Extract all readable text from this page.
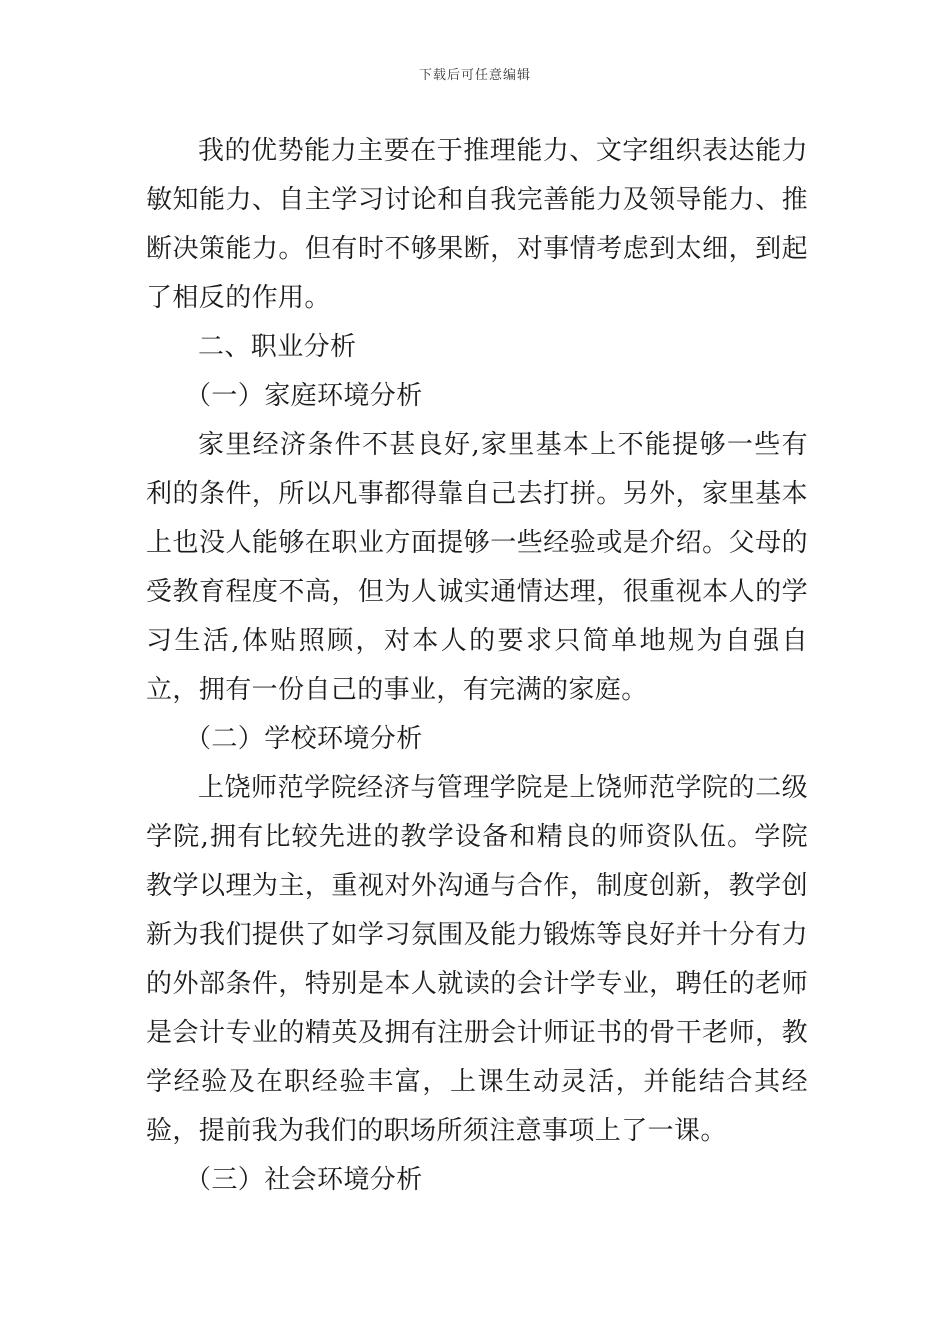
下载后可任意编辑

我的优势能力主要在于推理能力、文字组织表达能力敏知能力、自主学习讨论和自我完善能力及领导能力、推断决策能力。但有时不够果断，对事情考虑到太细，到起了相反的作用。

二、职业分析

（一）家庭环境分析

家里经济条件不甚良好,家里基本上不能提够一些有利的条件，所以凡事都得靠自己去打拼。另外，家里基本上也没人能够在职业方面提够一些经验或是介绍。父母的受教育程度不高，但为人诚实通情达理，很重视本人的学习生活,体贴照顾，对本人的要求只简单地规为自强自立，拥有一份自己的事业，有完满的家庭。

（二）学校环境分析

上饶师范学院经济与管理学院是上饶师范学院的二级学院,拥有比较先进的教学设备和精良的师资队伍。学院教学以理为主，重视对外沟通与合作，制度创新，教学创新为我们提供了如学习氛围及能力锻炼等良好并十分有力的外部条件，特别是本人就读的会计学专业，聘任的老师是会计专业的精英及拥有注册会计师证书的骨干老师，教学经验及在职经验丰富，上课生动灵活，并能结合其经验，提前我为我们的职场所须注意事项上了一课。

（三）社会环境分析
